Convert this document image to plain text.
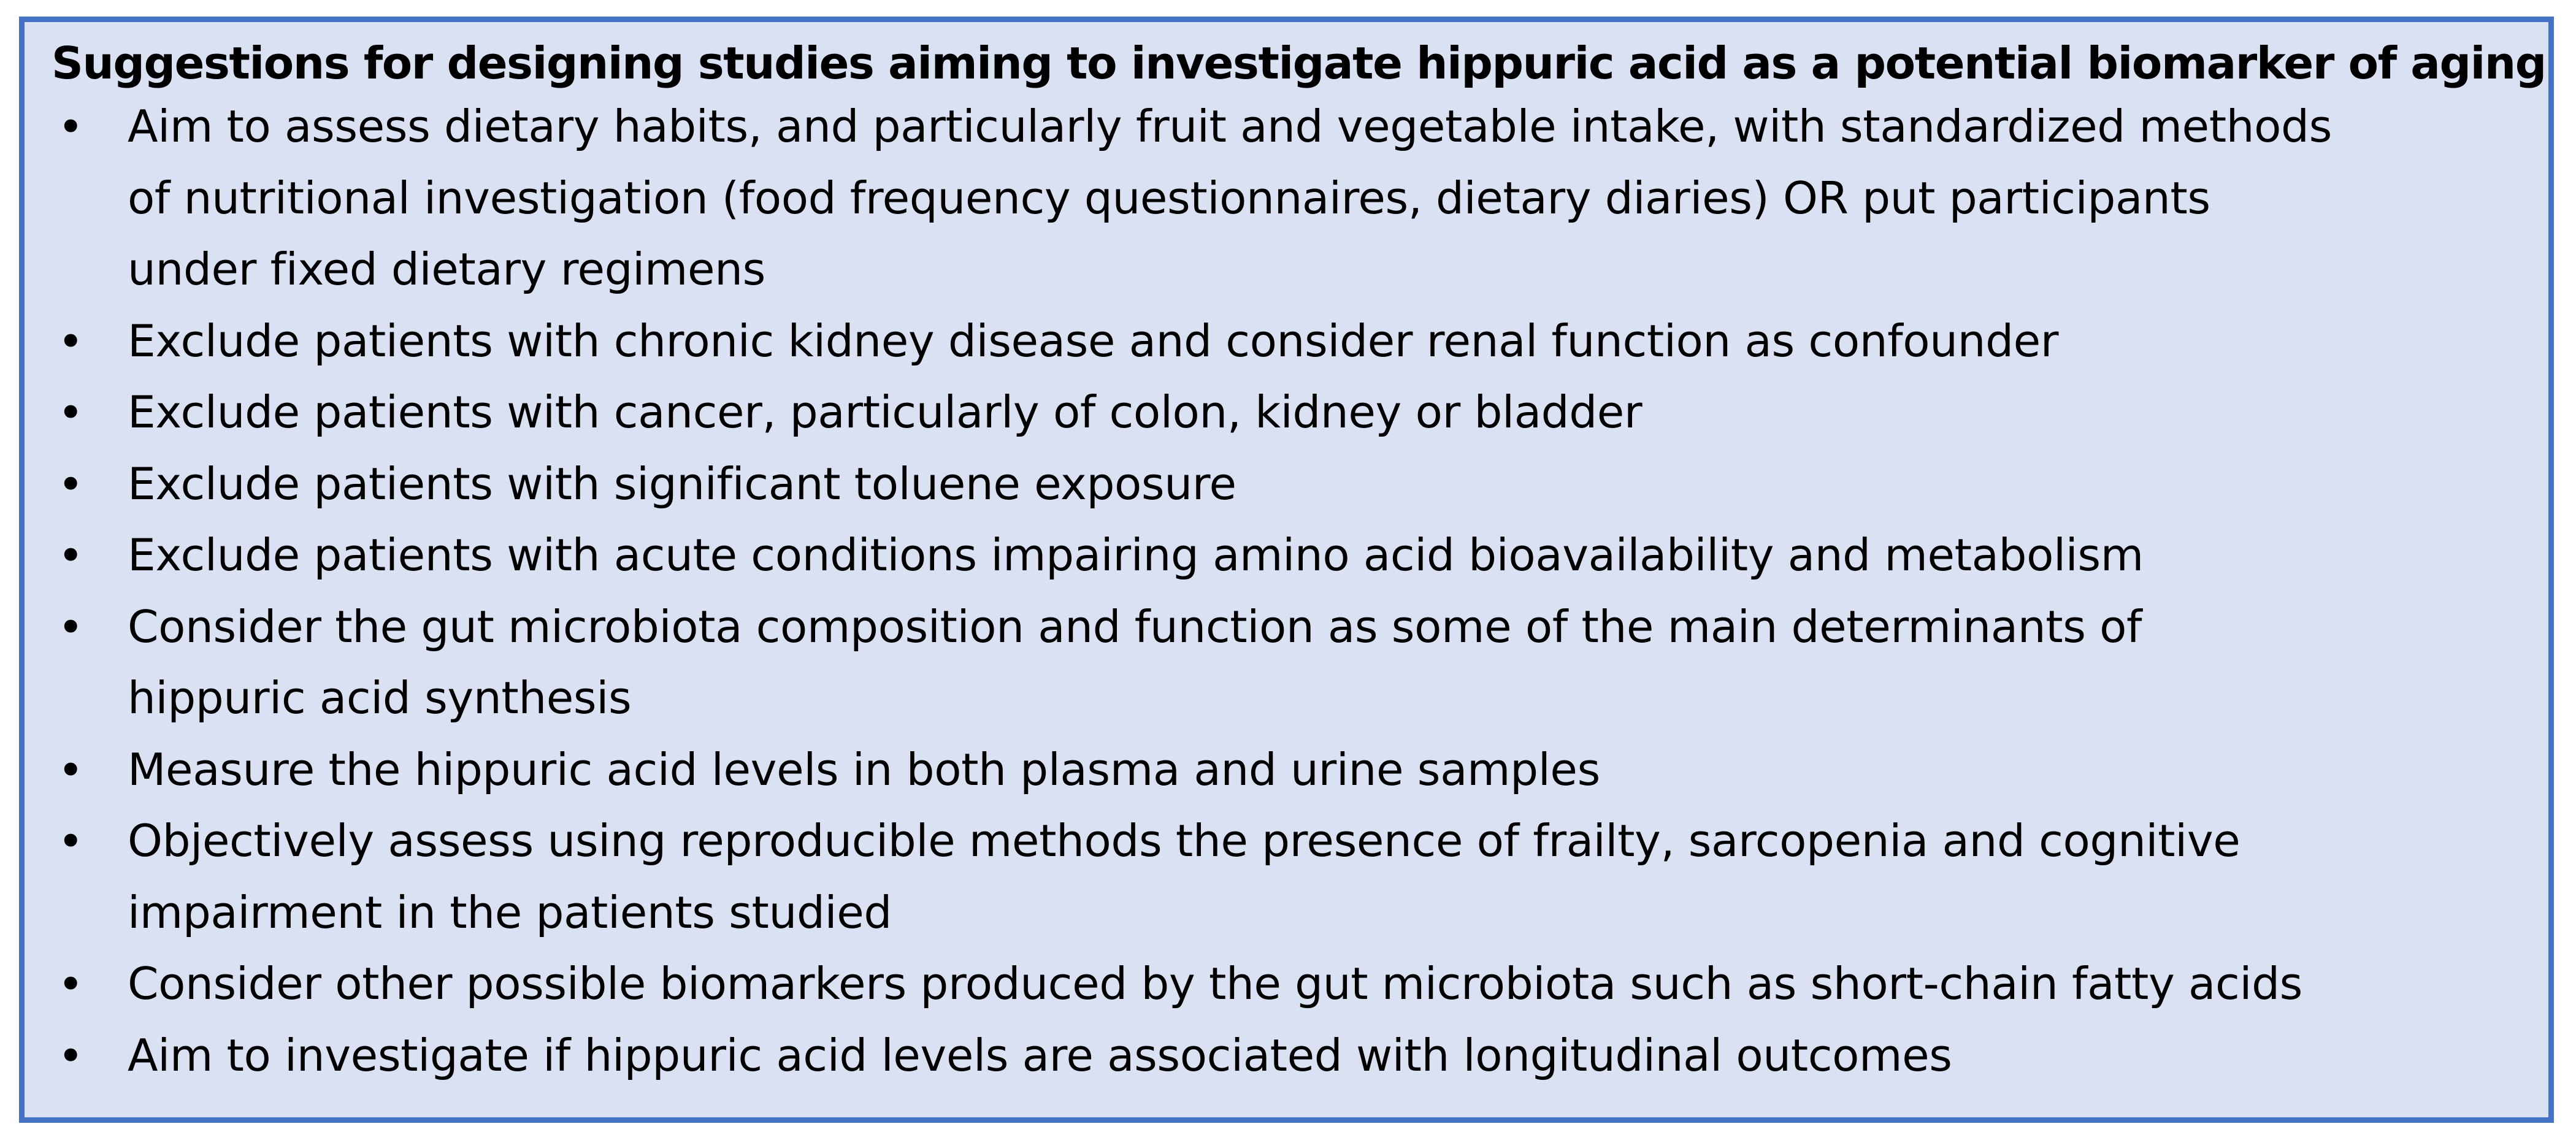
Suggestions for designing studies aiming to investigate hippuric acid as a potential biomarker of aging
• Aim to assess dietary habits, and particularly fruit and vegetable intake, with standardized methods
of nutritional investigation (food frequency questionnaires, dietary diaries) OR put participants
under fixed dietary regimens
• Exclude patients with chronic kidney disease and consider renal function as confounder
• Exclude patients with cancer, particularly of colon, kidney or bladder
• Exclude patients with significant toluene exposure
• Exclude patients with acute conditions impairing amino acid bioavailability and metabolism
• Consider the gut microbiota composition and function as some of the main determinants of
hippuric acid synthesis
• Measure the hippuric acid levels in both plasma and urine samples
• Objectively assess using reproducible methods the presence of frailty, sarcopenia and cognitive
impairment in the patients studied
• Consider other possible biomarkers produced by the gut microbiota such as short-chain fatty acids
• Aim to investigate if hippuric acid levels are associated with longitudinal outcomes
